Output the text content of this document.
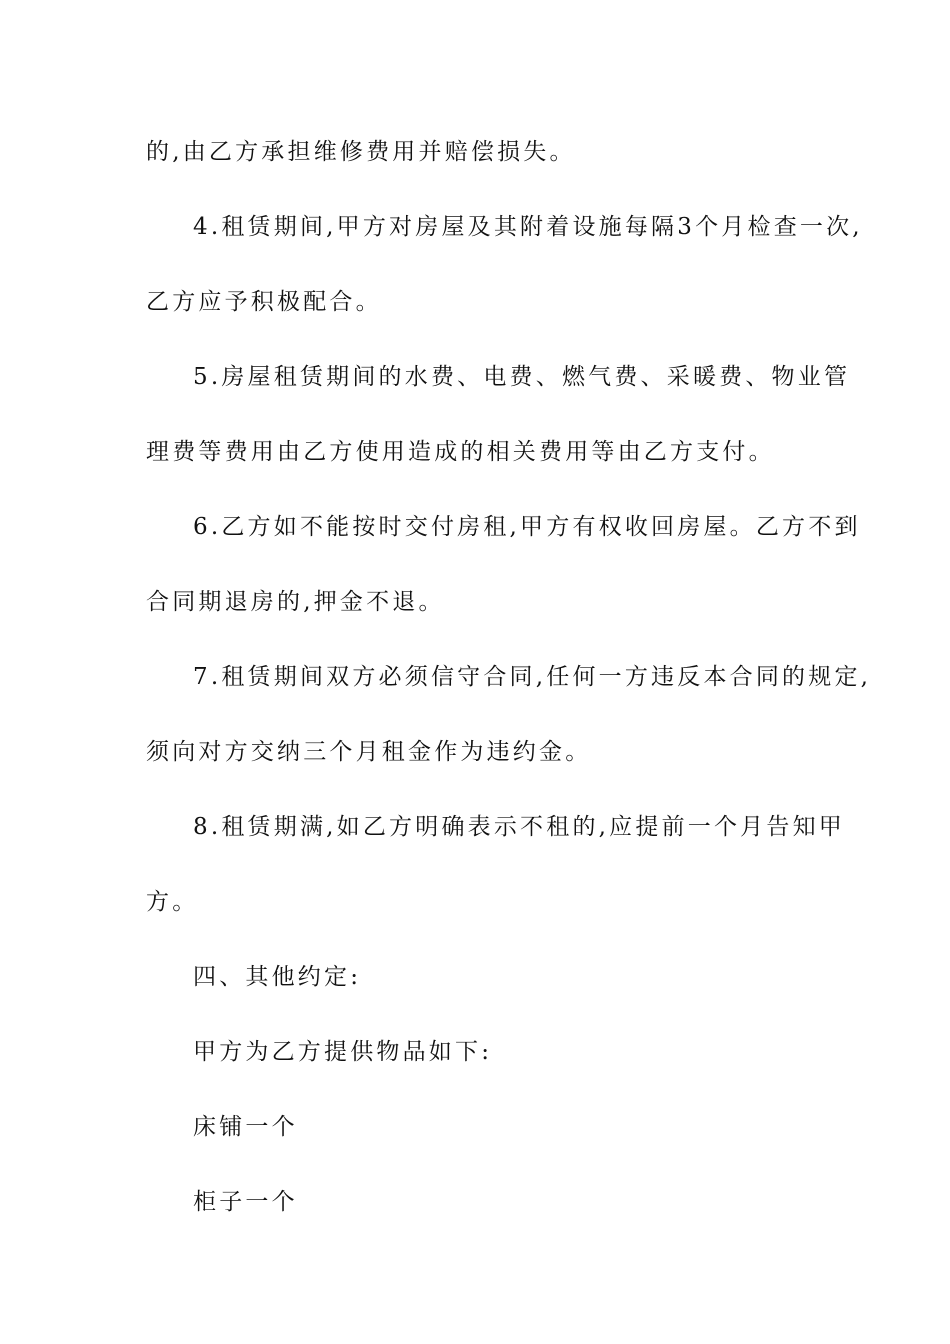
的,由乙方承担维修费用并赔偿损失。
4.租赁期间,甲方对房屋及其附着设施每隔3个月检查一次,
乙方应予积极配合。
5.房屋租赁期间的水费、电费、燃气费、采暖费、物业管
理费等费用由乙方使用造成的相关费用等由乙方支付。
6.乙方如不能按时交付房租,甲方有权收回房屋。乙方不到
合同期退房的,押金不退。
7.租赁期间双方必须信守合同,任何一方违反本合同的规定,
须向对方交纳三个月租金作为违约金。
8.租赁期满,如乙方明确表示不租的,应提前一个月告知甲
方。
四、其他约定:
甲方为乙方提供物品如下:
床铺一个
柜子一个
